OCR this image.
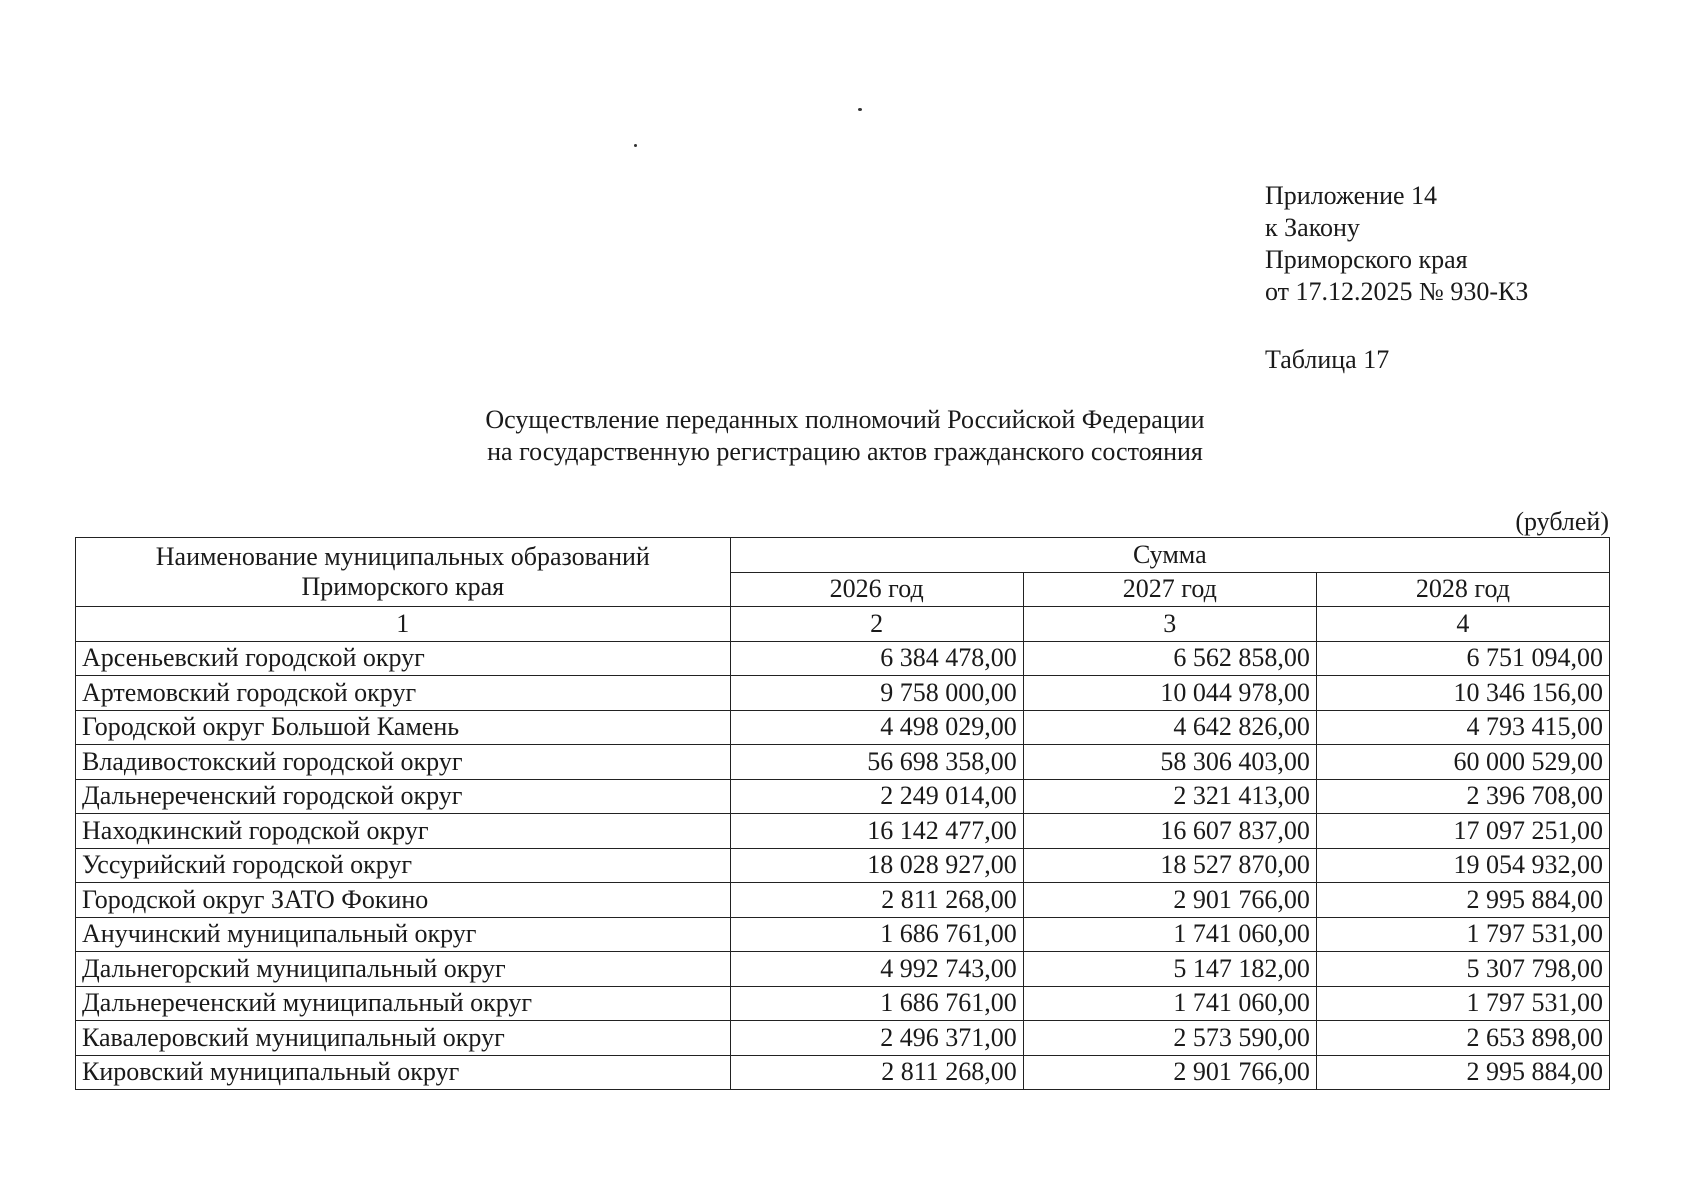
Приложение 14
к Закону
Приморского края
от 17.12.2025 № 930-КЗ
Таблица 17
Осуществление переданных полномочий Российской Федерации
на государственную регистрацию актов гражданского состояния
(рублей)
Наименование муниципальных образований Приморского края	Сумма		
	2026 год	2027 год	2028 год
1	2	3	4
Арсеньевский городской округ	6 384 478,00	6 562 858,00	6 751 094,00
Артемовский городской округ	9 758 000,00	10 044 978,00	10 346 156,00
Городской округ Большой Камень	4 498 029,00	4 642 826,00	4 793 415,00
Владивостокский городской округ	56 698 358,00	58 306 403,00	60 000 529,00
Дальнереченский городской округ	2 249 014,00	2 321 413,00	2 396 708,00
Находкинский городской округ	16 142 477,00	16 607 837,00	17 097 251,00
Уссурийский городской округ	18 028 927,00	18 527 870,00	19 054 932,00
Городской округ ЗАТО Фокино	2 811 268,00	2 901 766,00	2 995 884,00
Анучинский муниципальный округ	1 686 761,00	1 741 060,00	1 797 531,00
Дальнегорский муниципальный округ	4 992 743,00	5 147 182,00	5 307 798,00
Дальнереченский муниципальный округ	1 686 761,00	1 741 060,00	1 797 531,00
Кавалеровский муниципальный округ	2 496 371,00	2 573 590,00	2 653 898,00
Кировский муниципальный округ	2 811 268,00	2 901 766,00	2 995 884,00
